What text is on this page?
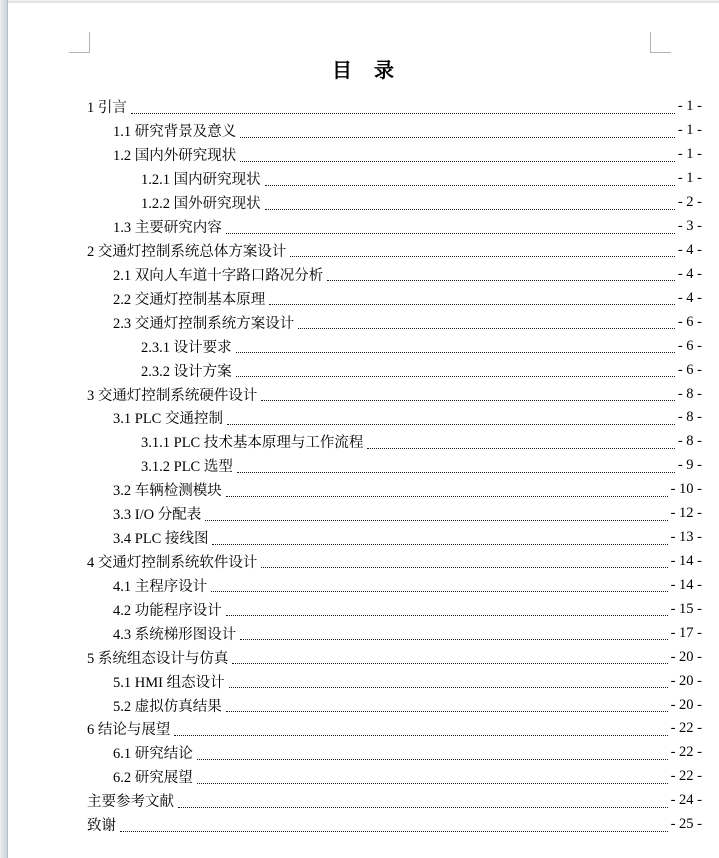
目　录
1 引言	- 1 -
1.1 研究背景及意义	- 1 -
1.2 国内外研究现状	- 1 -
1.2.1 国内研究现状	- 1 -
1.2.2 国外研究现状	- 2 -
1.3 主要研究内容	- 3 -
2 交通灯控制系统总体方案设计	- 4 -
2.1 双向人车道十字路口路况分析	- 4 -
2.2 交通灯控制基本原理	- 4 -
2.3 交通灯控制系统方案设计	- 6 -
2.3.1 设计要求	- 6 -
2.3.2 设计方案	- 6 -
3 交通灯控制系统硬件设计	- 8 -
3.1 PLC 交通控制	- 8 -
3.1.1 PLC 技术基本原理与工作流程	- 8 -
3.1.2 PLC 选型	- 9 -
3.2 车辆检测模块	- 10 -
3.3 I/O 分配表	- 12 -
3.4 PLC 接线图	- 13 -
4 交通灯控制系统软件设计	- 14 -
4.1 主程序设计	- 14 -
4.2 功能程序设计	- 15 -
4.3 系统梯形图设计	- 17 -
5 系统组态设计与仿真	- 20 -
5.1 HMI 组态设计	- 20 -
5.2 虚拟仿真结果	- 20 -
6 结论与展望	- 22 -
6.1 研究结论	- 22 -
6.2 研究展望	- 22 -
主要参考文献	- 24 -
致谢	- 25 -
